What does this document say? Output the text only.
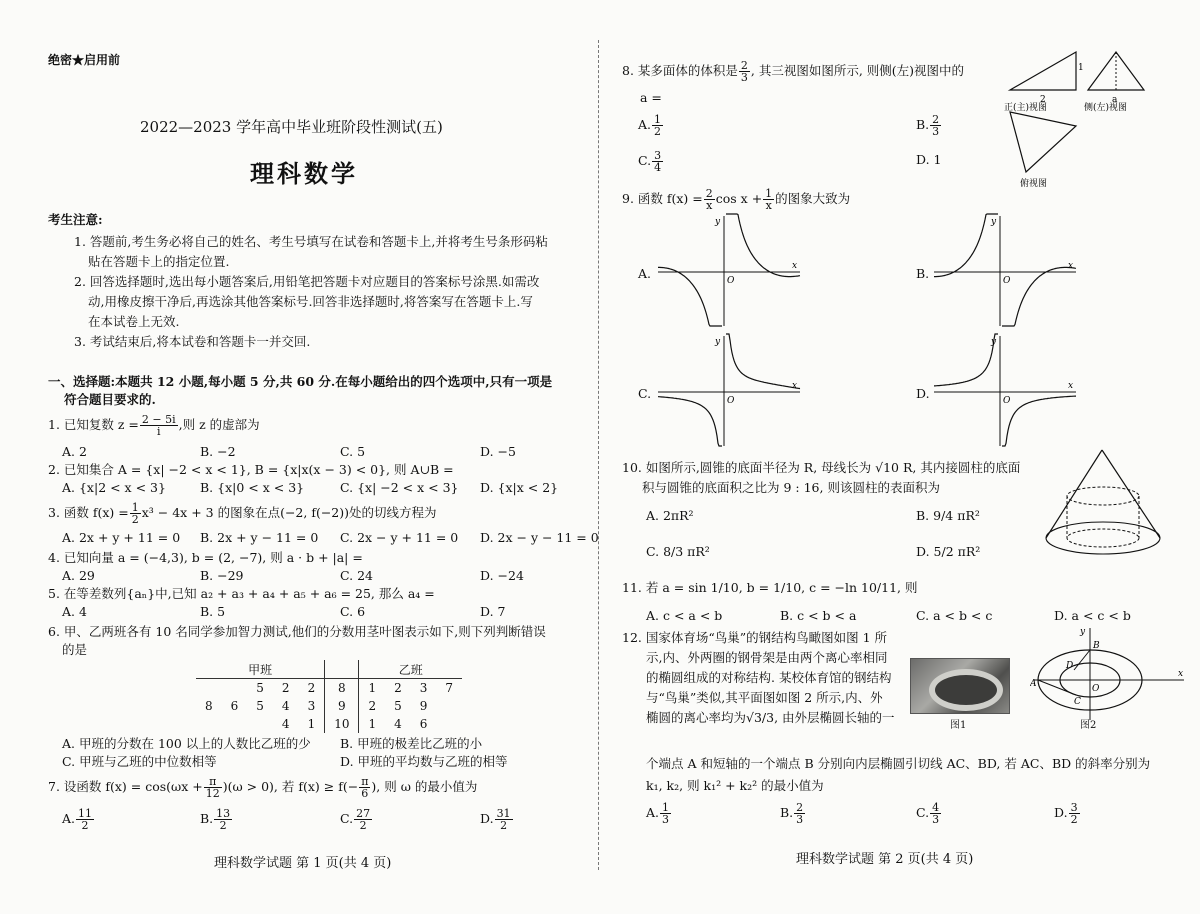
绝密★启用前
2022—2023 学年高中毕业班阶段性测试(五)
理科数学
考生注意:
1. 答题前,考生务必将自己的姓名、考生号填写在试卷和答题卡上,并将考生号条形码粘
贴在答题卡上的指定位置.
2. 回答选择题时,选出每小题答案后,用铅笔把答题卡对应题目的答案标号涂黑.如需改
动,用橡皮擦干净后,再选涂其他答案标号.回答非选择题时,将答案写在答题卡上.写
在本试卷上无效.
3. 考试结束后,将本试卷和答题卡一并交回.
一、选择题:本题共 12 小题,每小题 5 分,共 60 分.在每小题给出的四个选项中,只有一项是
符合题目要求的.
1. 已知复数 $z = \frac{2 - 5i}{i}$ ,则 z 的虚部为
A. 2	B. −2	C. 5	D. −5
2. 已知集合 A = {x| −2 < x < 1}, B = {x|x(x − 3) < 0}, 则 A∪B =
A. {x|2 < x < 3}	B. {x|0 < x < 3}	C. {x| −2 < x < 3} D. {x|x < 2}
3. 函数 $f(x) = \frac{1}{2} x^3 - 4x + 3$ 的图象在点(−2, f(−2))处的切线方程为
A. 2x + y + 11 = 0 B. 2x + y − 11 = 0 C. 2x − y + 11 = 0 D. 2x − y − 11 = 0
4. 已知向量 a = (−4,3), b = (2, −7), 则 a · b + |a| =
A. 29	B. −29	C. 24	D. −24
5. 在等差数列{aₙ}中,已知 a₂ + a₃ + a₄ + a₅ + a₆ = 25, 那么 a₄ =
A. 4	B. 5	C. 6	D. 7
6. 甲、乙两班各有 10 名同学参加智力测试,他们的分数用茎叶图表示如下,则下列判断错误
的是
甲班						乙班			
		5	2	2	8	1	2	3	7
8	6	5	4	3	9	2	5	9	
			4	1	10	1	4	6	
A. 甲班的分数在 100 以上的人数比乙班的少 B. 甲班的极差比乙班的小
C. 甲班与乙班的中位数相等	D. 甲班的平均数与乙班的相等
7. 设函数 $f(x) = \cos(\omega x + \frac{\pi}{12} )(\omega > 0)$, 若 $f(x) \ge f(- \frac{\pi}{6}$ ), 则 ω 的最小值为
A. $\frac{11}{2}$	B. $\frac{13}{2}$	C. $\frac{27}{2}$	D. $\frac{31}{2}$
理科数学试题 第 1 页(共 4 页)
8. 某多面体的体积是 $\frac{2}{3}$ , 其三视图如图所示, 则侧(左)视图中的
a =
A. $\frac{1}{2}$	B. $\frac{2}{3}$
C. $\frac{3}{4}$	D. 1
1
2	a
正(主)视图	侧(左)视图
俯视图
9. 函数 $f(x) = \frac{2}{x}$ $\cos x + \frac{1}{x}$ 的图象大致为
A.	B.
C.	D.
x
y
O
x
y
O
x
y
O
x
y
O
10. 如图所示,圆锥的底面半径为 R, 母线长为 √10 R, 其内接圆柱的底面
积与圆锥的底面积之比为 9 : 16, 则该圆柱的表面积为
A. 2πR²	B. 9/4 πR²
C. 8/3 πR²	D. 5/2 πR²
11. 若 a = sin 1/10, b = 1/10, c = −ln 10/11, 则
A. c < a < b	B. c < b < a	C. a < b < c	D. a < c < b
12. 国家体育场“鸟巢”的钢结构鸟瞰图如图 1 所
示,内、外两圈的钢骨架是由两个离心率相同
的椭圆组成的对称结构. 某校体育馆的钢结构
与“鸟巢”类似,其平面图如图 2 所示,内、外
椭圆的离心率均为√3/3, 由外层椭圆长轴的一
个端点 A 和短轴的一个端点 B 分别向内层椭圆引切线 AC、BD, 若 AC、BD 的斜率分别为
k₁, k₂, 则 k₁² + k₂² 的最小值为
图1
A
B
C
D
O
x
y
图2
A. $\frac{1}{3}$	B. $\frac{2}{3}$	C. $\frac{4}{3}$	D. $\frac{3}{2}$
理科数学试题 第 2 页(共 4 页)
